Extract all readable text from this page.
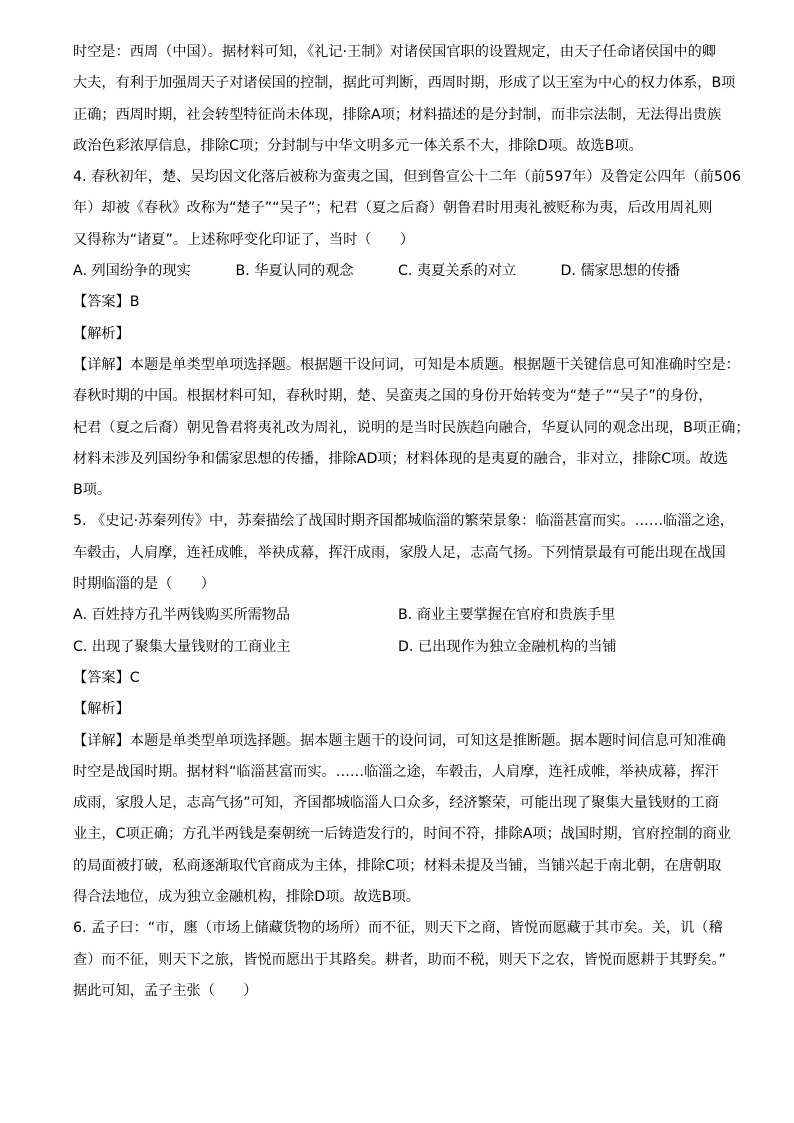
时空是：西周（中国）。据材料可知，《礼记·王制》对诸侯国官职的设置规定，由天子任命诸侯国中的卿
大夫，有利于加强周天子对诸侯国的控制，据此可判断，西周时期，形成了以王室为中心的权力体系，B项
正确；西周时期，社会转型特征尚未体现，排除A项；材料描述的是分封制，而非宗法制，无法得出贵族
政治色彩浓厚信息，排除C项；分封制与中华文明多元一体关系不大，排除D项。故选B项。
4. 春秋初年，楚、吴均因文化落后被称为蛮夷之国，但到鲁宣公十二年（前597年）及鲁定公四年（前506
年）却被《春秋》改称为“楚子”“吴子”；杞君（夏之后裔）朝鲁君时用夷礼被贬称为夷，后改用周礼则
又得称为“诸夏”。上述称呼变化印证了，当时（　　）
A. 列国纷争的现实	B. 华夏认同的观念	C. 夷夏关系的对立	D. 儒家思想的传播

【答案】B

【解析】

【详解】本题是单类型单项选择题。根据题干设问词，可知是本质题。根据题干关键信息可知准确时空是：
春秋时期的中国。根据材料可知，春秋时期，楚、吴蛮夷之国的身份开始转变为“楚子”“吴子”的身份，
杞君（夏之后裔）朝见鲁君将夷礼改为周礼，说明的是当时民族趋向融合，华夏认同的观念出现，B项正确；
材料未涉及列国纷争和儒家思想的传播，排除AD项；材料体现的是夷夏的融合，非对立，排除C项。故选
B项。
5. 《史记·苏秦列传》中，苏秦描绘了战国时期齐国都城临淄的繁荣景象：临淄甚富而实。……临淄之途，
车毂击，人肩摩，连衽成帷，举袂成幕，挥汗成雨，家殷人足，志高气扬。下列情景最有可能出现在战国
时期临淄的是（　　）
A. 百姓持方孔半两钱购买所需物品	B. 商业主要掌握在官府和贵族手里
C. 出现了聚集大量钱财的工商业主	D. 已出现作为独立金融机构的当铺

【答案】C

【解析】

【详解】本题是单类型单项选择题。据本题主题干的设问词，可知这是推断题。据本题时间信息可知准确
时空是战国时期。据材料“临淄甚富而实。……临淄之途，车毂击，人肩摩，连衽成帷，举袂成幕，挥汗
成雨，家殷人足，志高气扬”可知，齐国都城临淄人口众多，经济繁荣，可能出现了聚集大量钱财的工商
业主，C项正确；方孔半两钱是秦朝统一后铸造发行的，时间不符，排除A项；战国时期，官府控制的商业
的局面被打破，私商逐渐取代官商成为主体，排除C项；材料未提及当铺，当铺兴起于南北朝，在唐朝取
得合法地位，成为独立金融机构，排除D项。故选B项。
6. 孟子曰：“市，廛（市场上储藏货物的场所）而不征，则天下之商，皆悦而愿藏于其市矣。关，讥（稽
查）而不征，则天下之旅，皆悦而愿出于其路矣。耕者，助而不税，则天下之农，皆悦而愿耕于其野矣。”
据此可知，孟子主张（　　）
